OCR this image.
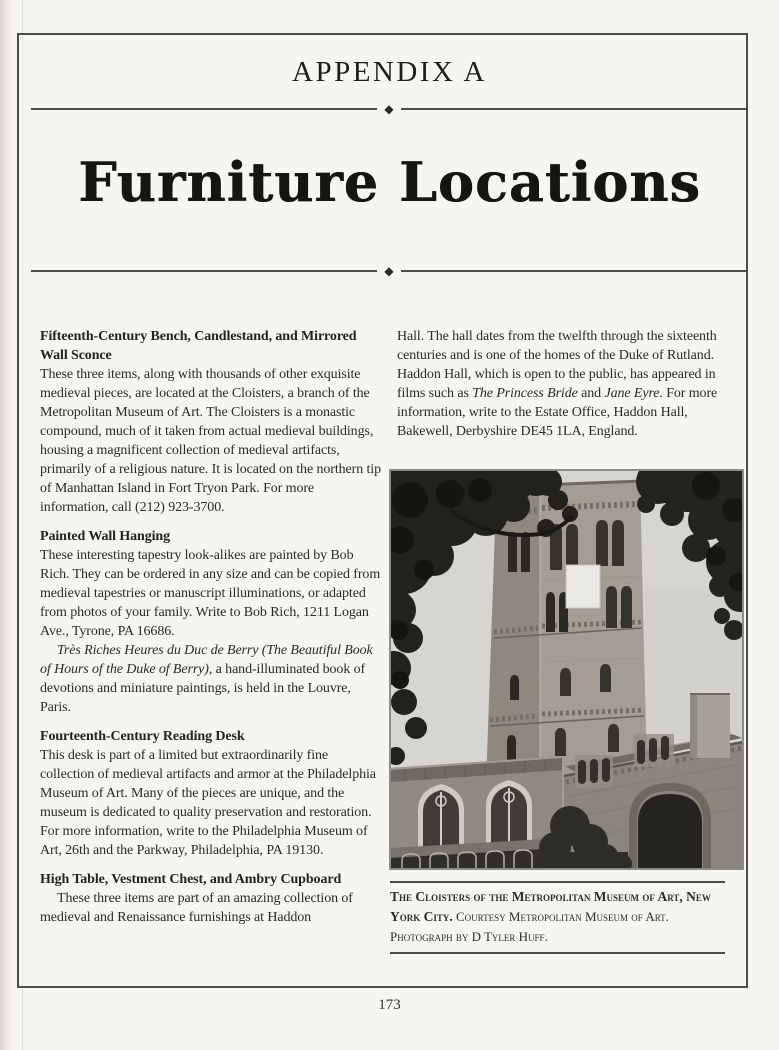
APPENDIX A
◆
Furniture Locations
◆
Fifteenth-Century Bench, Candlestand, and Mirrored Wall Sconce

These three items, along with thousands of other exquisite medieval pieces, are located at the Cloisters, a branch of the Metropolitan Museum of Art. The Cloisters is a monastic compound, much of it taken from actual medieval buildings, housing a magnificent collection of medieval artifacts, primarily of a religious nature. It is located on the northern tip of Manhattan Island in Fort Tryon Park. For more information, call (212) 923-3700.

Painted Wall Hanging

These interesting tapestry look-alikes are painted by Bob Rich. They can be ordered in any size and can be copied from medieval tapestries or manuscript illuminations, or adapted from photos of your family. Write to Bob Rich, 1211 Logan Ave., Tyrone, PA 16686.

Très Riches Heures du Duc de Berry (The Beautiful Book of Hours of the Duke of Berry), a hand-illuminated book of devotions and miniature paintings, is held in the Louvre, Paris.

Fourteenth-Century Reading Desk

This desk is part of a limited but extraordinarily fine collection of medieval artifacts and armor at the Philadelphia Museum of Art. Many of the pieces are unique, and the museum is dedicated to quality preservation and restoration. For more information, write to the Philadelphia Museum of Art, 26th and the Parkway, Philadelphia, PA 19130.

High Table, Vestment Chest, and Ambry Cupboard

These three items are part of an amazing collection of medieval and Renaissance furnishings at Haddon

Hall. The hall dates from the twelfth through the sixteenth centuries and is one of the homes of the Duke of Rutland. Haddon Hall, which is open to the public, has appeared in films such as The Princess Bride and Jane Eyre. For more information, write to the Estate Office, Haddon Hall, Bakewell, Derbyshire DE45 1LA, England.

The Cloisters of the Metropolitan Museum of Art, New York City. Courtesy Metropolitan Museum of Art. Photograph by D Tyler Huff.

173
